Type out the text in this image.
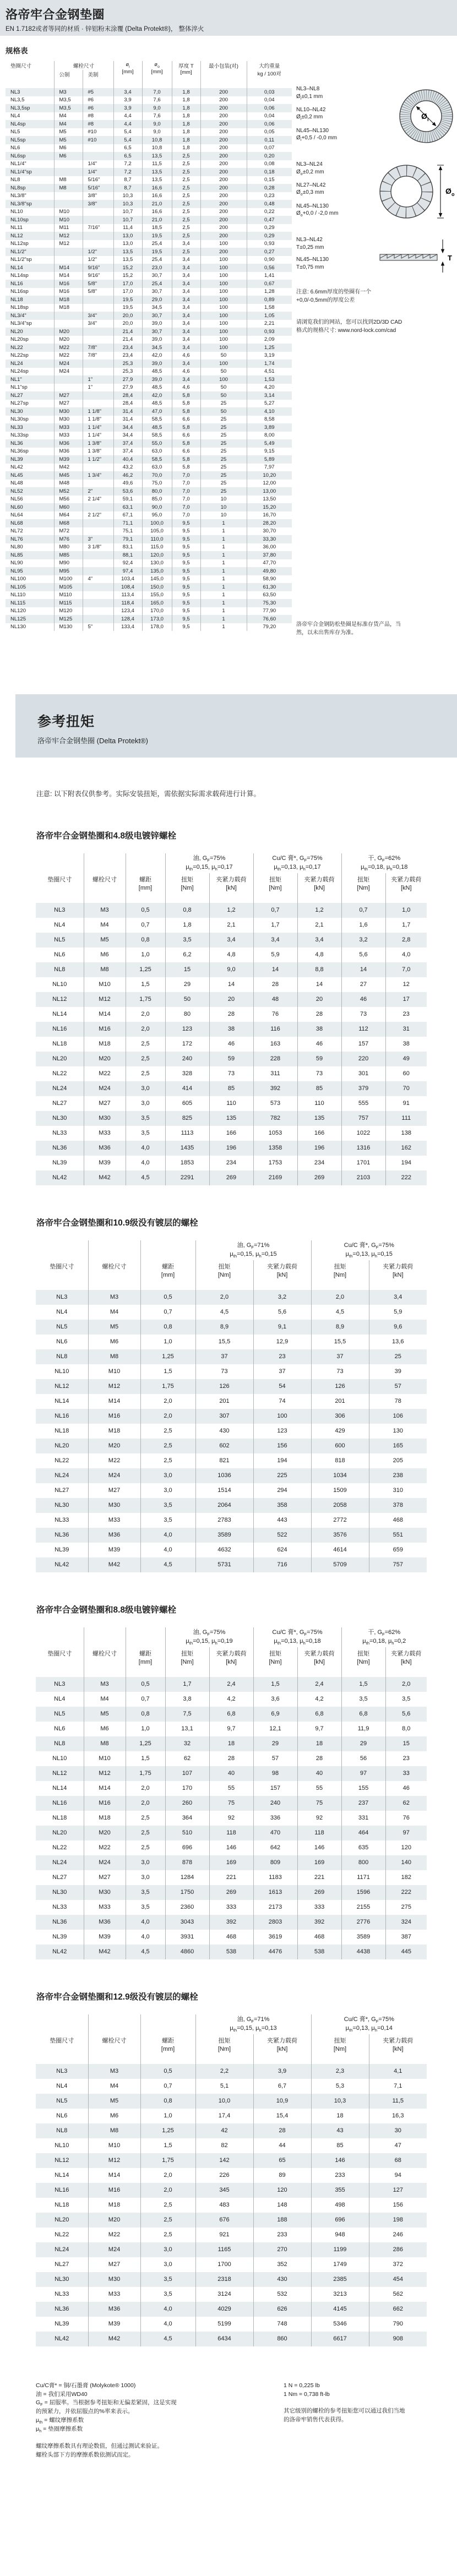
洛帝牢合金钢垫圈
EN 1.7182或者等同的材质 · 锌铝粉末涂覆 (Delta Protekt®)， 整体淬火
规格表
垫圈尺寸	螺栓尺寸		$ø_i$
[mm]	$ø_o$
[mm]	厚度 T
[mm]	最小包装(对)	大约重量
kg / 100对
	公制	美制					
NL3	M3	#5	3,4	7,0	1,8	200	0,03
NL3,5	M3,5	#6	3,9	7,6	1,8	200	0,04
NL3,5sp	M3,5	#6	3,9	9,0	1,8	200	0,06
NL4	M4	#8	4,4	7,6	1,8	200	0,04
NL4sp	M4	#8	4,4	9,0	1,8	200	0,06
NL5	M5	#10	5,4	9,0	1,8	200	0,05
NL5sp	M5	#10	5,4	10,8	1,8	200	0,11
NL6	M6		6,5	10,8	1,8	200	0,07
NL6sp	M6		6,5	13,5	2,5	200	0,20
NL1/4"		1/4"	7,2	11,5	2,5	200	0,08
NL1/4"sp		1/4"	7,2	13,5	2,5	200	0,18
NL8	M8	5/16"	8,7	13,5	2,5	200	0,15
NL8sp	M8	5/16"	8,7	16,6	2,5	200	0,28
NL3/8"		3/8"	10,3	16,6	2,5	200	0,23
NL3/8"sp		3/8"	10,3	21,0	2,5	200	0,48
NL10	M10		10,7	16,6	2,5	200	0,22
NL10sp	M10		10,7	21,0	2,5	200	0,47
NL11	M11	7/16"	11,4	18,5	2,5	200	0,29
NL12	M12		13,0	19,5	2,5	200	0,29
NL12sp	M12		13,0	25,4	3,4	100	0,93
NL1/2"		1/2"	13,5	19,5	2,5	200	0,27
NL1/2"sp		1/2"	13,5	25,4	3,4	100	0,90
NL14	M14	9/16"	15,2	23,0	3,4	100	0,56
NL14sp	M14	9/16"	15,2	30,7	3,4	100	1,41
NL16	M16	5/8"	17,0	25,4	3,4	100	0,67
NL16sp	M16	5/8"	17,0	30,7	3,4	100	1,28
NL18	M18		19,5	29,0	3,4	100	0,89
NL18sp	M18		19,5	34,5	3,4	100	1,58
NL3/4"		3/4"	20,0	30,7	3,4	100	1,05
NL3/4"sp		3/4"	20,0	39,0	3,4	100	2,21
NL20	M20		21,4	30,7	3,4	100	0,93
NL20sp	M20		21,4	39,0	3,4	100	2,09
NL22	M22	7/8"	23,4	34,5	3,4	100	1,25
NL22sp	M22	7/8"	23,4	42,0	4,6	50	3,19
NL24	M24		25,3	39,0	3,4	100	1,74
NL24sp	M24		25,3	48,5	4,6	50	4,51
NL1"		1"	27,9	39,0	3,4	100	1,53
NL1"sp		1"	27,9	48,5	4,6	50	4,20
NL27	M27		28,4	42,0	5,8	50	3,14
NL27sp	M27		28,4	48,5	5,8	25	5,27
NL30	M30	1 1/8"	31,4	47,0	5,8	50	4,10
NL30sp	M30	1 1/8"	31,4	58,5	6,6	25	8,58
NL33	M33	1 1/4"	34,4	48,5	5,8	25	3,89
NL33sp	M33	1 1/4"	34,4	58,5	6,6	25	8,00
NL36	M36	1 3/8"	37,4	55,0	5,8	25	5,49
NL36sp	M36	1 3/8"	37,4	63,0	6,6	25	9,15
NL39	M39	1 1/2"	40,4	58,5	5,8	25	5,89
NL42	M42		43,2	63,0	5,8	25	7,97
NL45	M45	1 3/4"	46,2	70,0	7,0	25	10,20
NL48	M48		49,6	75,0	7,0	25	12,00
NL52	M52	2"	53,6	80,0	7,0	25	13,00
NL56	M56	2 1/4"	59,1	85,0	7,0	10	13,50
NL60	M60		63,1	90,0	7,0	10	15,20
NL64	M64	2 1/2"	67,1	95,0	7,0	10	16,70
NL68	M68		71,1	100,0	9,5	1	28,20
NL72	M72		75,1	105,0	9,5	1	30,70
NL76	M76	3"	79,1	110,0	9,5	1	33,30
NL80	M80	3 1/8"	83,1	115,0	9,5	1	36,00
NL85	M85		88,1	120,0	9,5	1	37,80
NL90	M90		92,4	130,0	9,5	1	47,70
NL95	M95		97,4	135,0	9,5	1	49,80
NL100	M100	4"	103,4	145,0	9,5	1	58,90
NL105	M105		108,4	150,0	9,5	1	61,30
NL110	M110		113,4	155,0	9,5	1	63,50
NL115	M115		118,4	165,0	9,5	1	75,30
NL120	M120		123,4	170,0	9,5	1	77,90
NL125	M125		128,4	173,0	9,5	1	76,60
NL130	M130	5"	133,4	178,0	9,5	1	79,20
NL3–NL8
$Ø_i\pm 0,1$ mm
NL10–NL42
$Ø_i\pm 0,2$ mm
NL45–NL130
$Ø_i+0,5 / -0,0$ mm
Ø i
NL3–NL24
$Ø_o\pm 0,2$ mm
NL27–NL42
$Ø_o\pm 0,3$ mm
NL45–NL130
$Ø_o+0,0 / -2,0$ mm
Ø o
NL3–NL42
T±0,25 mm
NL45–NL130
T±0,75 mm
T

注意: 6.6mm厚度的垫圈有一个
+0,0/-0,5mm的厚度公差

请浏览我们的网站，您可以找到2D/3D CAD
格式的规格尺寸: www.nord-lock.com/cad

洛帝牢合金钢防松垫圈是标准存货产品，当
然，以未出售库存为准。

参考扭矩
洛帝牢合金钢垫圈 (Delta Protekt®)

注意: 以下附表仅供参考。实际安装扭矩，需依据实际需求载荷进行计算。

洛帝牢合金钢垫圈和4.8级电镀锌螺栓
			油, $G_F=75\%$
$\mu_{th}=0,15$, $\mu_h=0,17$		Cu/C 膏*, $G_F=75\%$
$\mu_{th}=0,13$, $\mu_h=0,17$		干, $G_F=62\%$
$\mu_{th}=0,18$, $\mu_h=0,18$	
垫圈尺寸	螺栓尺寸	螺距
[mm]	扭矩
[Nm]	夹紧力载荷
[kN]	扭矩
[Nm]	夹紧力载荷
[kN]	扭矩
[Nm]	夹紧力载荷
[kN]
NL3	M3	0,5	0,8	1,2	0,7	1,2	0,7	1,0
NL4	M4	0,7	1,8	2,1	1,7	2,1	1,6	1,7
NL5	M5	0,8	3,5	3,4	3,4	3,4	3,2	2,8
NL6	M6	1,0	6,2	4,8	5,9	4,8	5,6	4,0
NL8	M8	1,25	15	9,0	14	8,8	14	7,0
NL10	M10	1,5	29	14	28	14	27	12
NL12	M12	1,75	50	20	48	20	46	17
NL14	M14	2,0	80	28	76	28	73	23
NL16	M16	2,0	123	38	116	38	112	31
NL18	M18	2,5	172	46	163	46	157	38
NL20	M20	2,5	240	59	228	59	220	49
NL22	M22	2,5	328	73	311	73	301	60
NL24	M24	3,0	414	85	392	85	379	70
NL27	M27	3,0	605	110	573	110	555	91
NL30	M30	3,5	825	135	782	135	757	111
NL33	M33	3,5	1113	166	1053	166	1022	138
NL36	M36	4,0	1435	196	1358	196	1316	162
NL39	M39	4,0	1853	234	1753	234	1701	194
NL42	M42	4,5	2291	269	2169	269	2103	222
洛帝牢合金钢垫圈和10.9级没有镀层的螺栓
			油, $G_F=71\%$
$\mu_{th}=0,15$, $\mu_h=0,15$		Cu/C 膏*, $G_F=75\%$
$\mu_{th}=0,13$, $\mu_h=0,15$	
垫圈尺寸	螺栓尺寸	螺距
[mm]	扭矩
[Nm]	夹紧力载荷
[kN]	扭矩
[Nm]	夹紧力载荷
[kN]
NL3	M3	0,5	2,0	3,2	2,0	3,4
NL4	M4	0,7	4,5	5,6	4,5	5,9
NL5	M5	0,8	8,9	9,1	8,9	9,6
NL6	M6	1,0	15,5	12,9	15,5	13,6
NL8	M8	1,25	37	23	37	25
NL10	M10	1,5	73	37	73	39
NL12	M12	1,75	126	54	126	57
NL14	M14	2,0	201	74	201	78
NL16	M16	2,0	307	100	306	106
NL18	M18	2,5	430	123	429	130
NL20	M20	2,5	602	156	600	165
NL22	M22	2,5	821	194	818	205
NL24	M24	3,0	1036	225	1034	238
NL27	M27	3,0	1514	294	1509	310
NL30	M30	3,5	2064	358	2058	378
NL33	M33	3,5	2783	443	2772	468
NL36	M36	4,0	3589	522	3576	551
NL39	M39	4,0	4632	624	4614	659
NL42	M42	4,5	5731	716	5709	757
洛帝牢合金钢垫圈和8.8级电镀锌螺栓
			油, $G_F=75\%$
$\mu_{th}=0,15$, $\mu_h=0,19$		Cu/C 膏*, $G_F=75\%$
$\mu_{th}=0,13$, $\mu_h=0,18$		干, $G_F=62\%$
$\mu_{th}=0,18$, $\mu_h=0,2$	
垫圈尺寸	螺栓尺寸	螺距
[mm]	扭矩
[Nm]	夹紧力载荷
[kN]	扭矩
[Nm]	夹紧力载荷
[kN]	扭矩
[Nm]	夹紧力载荷
[kN]
NL3	M3	0,5	1,7	2,4	1,5	2,4	1,5	2,0
NL4	M4	0,7	3,8	4,2	3,6	4,2	3,5	3,5
NL5	M5	0,8	7,5	6,8	6,9	6,8	6,8	5,6
NL6	M6	1,0	13,1	9,7	12,1	9,7	11,9	8,0
NL8	M8	1,25	32	18	29	18	29	15
NL10	M10	1,5	62	28	57	28	56	23
NL12	M12	1,75	107	40	98	40	97	33
NL14	M14	2,0	170	55	157	55	155	46
NL16	M16	2,0	260	75	240	75	237	62
NL18	M18	2,5	364	92	336	92	331	76
NL20	M20	2,5	510	118	470	118	464	97
NL22	M22	2,5	696	146	642	146	635	120
NL24	M24	3,0	878	169	809	169	800	140
NL27	M27	3,0	1284	221	1183	221	1171	182
NL30	M30	3,5	1750	269	1613	269	1596	222
NL33	M33	3,5	2360	333	2173	333	2155	275
NL36	M36	4,0	3043	392	2803	392	2776	324
NL39	M39	4,0	3931	468	3619	468	3589	387
NL42	M42	4,5	4860	538	4476	538	4438	445
洛帝牢合金钢垫圈和12.9级没有镀层的螺栓
			油, $G_F=71\%$
$\mu_{th}=0,15$, $\mu_h=0,13$		Cu/C 膏*, $G_F=75\%$
$\mu_{th}=0,13$, $\mu_h=0,14$	
垫圈尺寸	螺栓尺寸	螺距
[mm]	扭矩
[Nm]	夹紧力载荷
[kN]	扭矩
[Nm]	夹紧力载荷
[kN]
NL3	M3	0,5	2,2	3,9	2,3	4,1
NL4	M4	0,7	5,1	6,7	5,3	7,1
NL5	M5	0,8	10,0	10,9	10,3	11,5
NL6	M6	1,0	17,4	15,4	18	16,3
NL8	M8	1,25	42	28	43	30
NL10	M10	1,5	82	44	85	47
NL12	M12	1,75	142	65	146	68
NL14	M14	2,0	226	89	233	94
NL16	M16	2,0	345	120	355	127
NL18	M18	2,5	483	148	498	156
NL20	M20	2,5	676	188	696	198
NL22	M22	2,5	921	233	948	246
NL24	M24	3,0	1165	270	1199	286
NL27	M27	3,0	1700	352	1749	372
NL30	M30	3,5	2318	430	2385	454
NL33	M33	3,5	3124	532	3213	562
NL36	M36	4,0	4029	626	4145	662
NL39	M39	4,0	5199	748	5346	790
NL42	M42	4,5	6434	860	6617	908

Cu/C膏* = 铜/石墨膏 (Molykote® 1000)

油 = 我们采用WD40

$G_F$ = 屈服率。当根据参考扭矩和无偏差紧固，这是实现
的预紧力，并依屈服点的%率来表示。

$\mu_{th}$ = 螺纹摩擦系数

$\mu_h$ = 垫圈摩擦系数

螺纹摩擦系数具有理论数值，但通过测试来验证。
螺栓头部下方的摩擦系数依测试而定。

1 N = 0,225 lb

1 Nm = 0,738 ft-lb

其它级别的螺栓的参考扭矩您可以通过我们当地
的洛帝牢销售代表获得。
